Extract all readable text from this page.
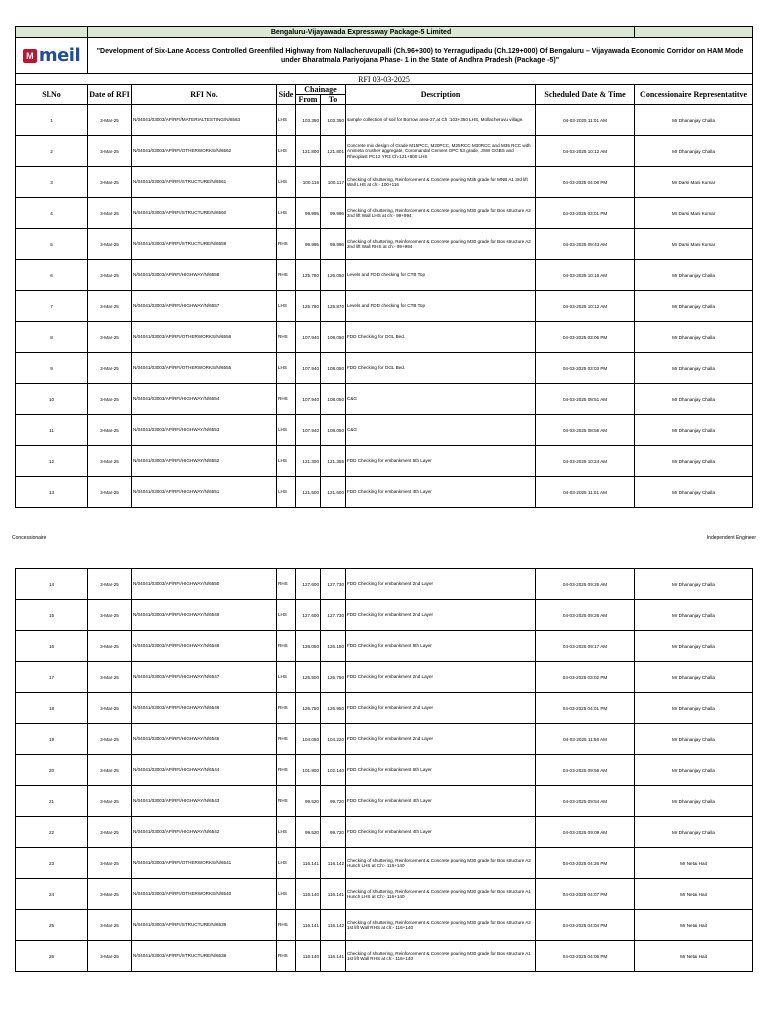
	Bengaluru-Vijayawada Expressway Package-5 Limited							

M meil	"Development of Six-Lane Access Controlled Greenfiled Highway from Nallacheruvupalli (Ch.96+300) to Yerragudipadu (Ch.129+000) Of Bengaluru – Vijayawada Economic Corridor on HAM Mode under Bharatmala Pariyojana Phase- 1 in the State of Andhra Pradesh (Package -5)"							
RFI 03-03-2025								
Sl.No	Date of RFI	RFI No.	Side	Chainage		Description	Scheduled Date & Time	Concessionaire Representatitve
				From	To			
1	3-Mar-25	N/04041/03003/AP/RFI/MATERIALTESTING/N/6563	LHS	103.350	103.350	sample collection of soil for Borrow area-27,at Ch :103+350 LHS, Mollacheruvu village.	04-03-2025 11:01 AM	Mr Dhananjay Challa
2	3-Mar-25	N/04041/03003/AP/RFI/OTHERWORKS/N/6562	LHS	121.800	121.801	Concrete mix design of Grade M15PCC, M20PCC, M25RCC M30RCC and M35 RCC with Animeta crusher aggregate, Coromandal Cement OPC 53 grade, JSW GGBS and Rheoplast PC12 YR3 Ch-121+800 LHS	04-03-2025 10:12 AM	Mr Dhananjay Challa
3	3-Mar-25	N/04041/03003/AP/RFI/STRUCTURE/N/6561	LHS	100.116	100.117	Checking of shuttering, Reinforcement & Concrete pouring M35 grade for MNB A1 3rd lift Wall LHS at ch:- 100+116	04-03-2025 04:06 PM	Mr Darsi Mani Kumar
4	3-Mar-25	N/04041/03003/AP/RFI/STRUCTURE/N/6560	LHS	99.995	99.996	Checking of shuttering, Reinforcement & Concrete pouring M30 grade for Box structure A2 2nd lift Wall LHS at ch:- 99+994	04-03-2025 03:01 PM	Mr Darsi Mani Kumar
5	3-Mar-25	N/04041/03003/AP/RFI/STRUCTURE/N/6559	RHS	99.995	99.996	Checking of shuttering, Reinforcement & Concrete pouring M30 grade for Box structure A2 2nd lift Wall RHS at ch:- 99+994	04-03-2025 09:43 AM	Mr Darsi Mani Kumar
6	3-Mar-25	N/04041/03003/AP/RFI/HIGHWAY/N/6558	RHS	125.780	126.050	Levels and FDD checking for CTB Top	04-03-2025 10:16 AM	Mr Dhananjay Challa
7	3-Mar-25	N/04041/03003/AP/RFI/HIGHWAY/N/6557	LHS	125.780	125.870	Levels and FDD checking for CTB Top	04-03-2025 10:12 AM	Mr Dhananjay Challa
8	3-Mar-25	N/04041/03003/AP/RFI/OTHERWORKS/N/6556	RHS	107.940	108.050	FDD Checking for OGL Bed.	04-03-2025 03:06 PM	Mr Dhananjay Challa
9	3-Mar-25	N/04041/03003/AP/RFI/OTHERWORKS/N/6555	LHS	107.940	108.050	FDD Checking for OGL Bed.	04-03-2025 03:03 PM	Mr Dhananjay Challa
10	3-Mar-25	N/04041/03003/AP/RFI/HIGHWAY/N/6554	RHS	107.940	108.050	C&G	04-03-2025 08:51 AM	Mr Dhananjay Challa
11	3-Mar-25	N/04041/03003/AP/RFI/HIGHWAY/N/6553	LHS	107.940	108.050	C&G	04-03-2025 08:56 AM	Mr Dhananjay Challa
12	3-Mar-25	N/04041/03003/AP/RFI/HIGHWAY/N/6552	LHS	121.300	121.355	FDD Checking for embankment 5th Layer	04-03-2025 10:24 AM	Mr Dhananjay Challa
13	3-Mar-25	N/04041/03003/AP/RFI/HIGHWAY/N/6551	LHS	121.500	121.600	FDD Checking for embankment 4th Layer	04-03-2025 11:01 AM	Mr Dhananjay Challa
Concessionaire	Independent Engineer
14	3-Mar-25	N/04041/03003/AP/RFI/HIGHWAY/N/6550	RHS	127.600	127.730	FDD Checking for embankment 2nd Layer	04-03-2025 09:26 AM	Mr Dhananjay Challa
15	3-Mar-25	N/04041/03003/AP/RFI/HIGHWAY/N/6549	LHS	127.600	127.730	FDD Checking for embankment 2nd Layer	04-03-2025 09:26 AM	Mr Dhananjay Challa
16	3-Mar-25	N/04041/03003/AP/RFI/HIGHWAY/N/6548	RHS	126.050	126.150	FDD Checking for embankment 8th Layer	04-03-2025 09:17 AM	Mr Dhananjay Challa
17	3-Mar-25	N/04041/03003/AP/RFI/HIGHWAY/N/6547	LHS	126.500	126.750	FDD Checking for embankment 2nd Layer	04-03-2025 03:02 PM	Mr Dhananjay Challa
18	3-Mar-25	N/04041/03003/AP/RFI/HIGHWAY/N/6546	RHS	126.750	126.950	FDD Checking for embankment 2nd Layer	04-03-2025 04:01 PM	Mr Dhananjay Challa
19	3-Mar-25	N/04041/03003/AP/RFI/HIGHWAY/N/6545	RHS	104.050	104.220	FDD Checking for embankment 2nd Layer	04-03-2025 11:56 AM	Mr Dhananjay Challa
20	3-Mar-25	N/04041/03003/AP/RFI/HIGHWAY/N/6544	RHS	101.900	102.140	FDD Checking for embankment 6th Layer	04-03-2025 09:56 AM	Mr Dhananjay Challa
21	3-Mar-25	N/04041/03003/AP/RFI/HIGHWAY/N/6543	RHS	99.520	99.720	FDD Checking for embankment 4th Layer	04-03-2025 09:54 AM	Mr Dhananjay Challa
22	3-Mar-25	N/04041/03003/AP/RFI/HIGHWAY/N/6542	LHS	99.520	99.720	FDD Checking for embankment 4th Layer	04-03-2025 09:09 AM	Mr Dhananjay Challa
23	3-Mar-25	N/04041/03003/AP/RFI/OTHERWORKS/N/6541	LHS	116.141	116.142	Checking of shuttering, Reinforcement & Concrete pouring M30 grade for Box structure A2 Hunch LHS at Ch:- 116+140	04-03-2025 04:26 PM	Mr Netai Hait
24	3-Mar-25	N/04041/03003/AP/RFI/OTHERWORKS/N/6540	LHS	116.140	116.141	Checking of shuttering, Reinforcement & Concrete pouring M30 grade for Box structure A1 Hunch LHS at Ch:- 116+140	04-03-2025 04:07 PM	Mr Netai Hait
25	3-Mar-25	N/04041/03003/AP/RFI/STRUCTURE/N/6539	RHS	116.141	116.142	Checking of shuttering, Reinforcement & Concrete pouring M30 grade for Box structure A2 1st lift Wall RHS at ch:- 116+140	04-03-2025 04:04 PM	Mr Netai Hait
26	3-Mar-25	N/04041/03003/AP/RFI/STRUCTURE/N/6538	RHS	116.140	116.141	Checking of shuttering, Reinforcement & Concrete pouring M30 grade for Box structure A1 1st lift Wall RHS at ch:- 116+140	04-03-2025 04:06 PM	Mr Netai Hait
